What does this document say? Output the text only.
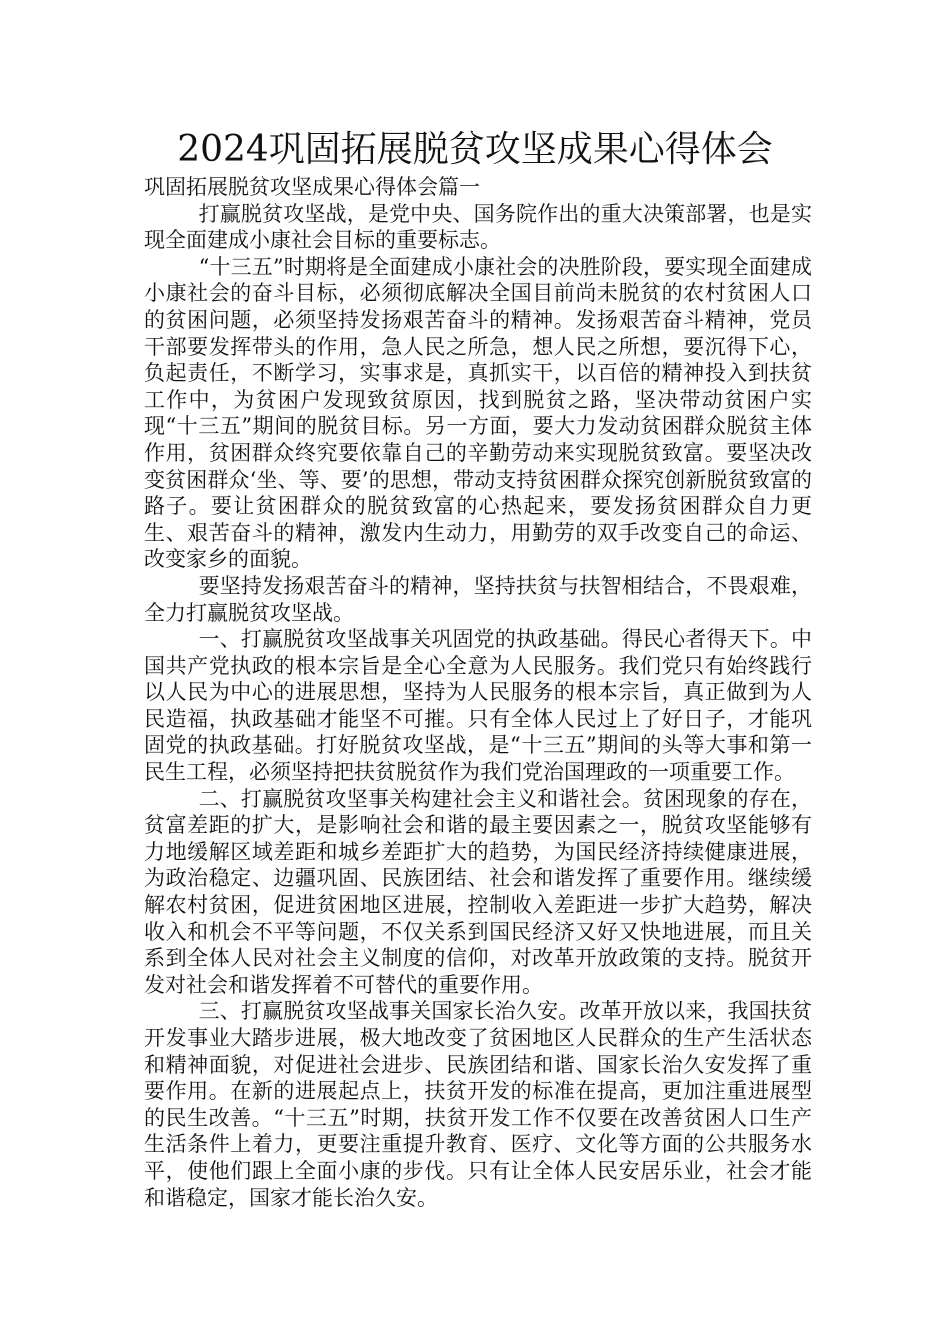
2024巩固拓展脱贫攻坚成果心得体会

巩固拓展脱贫攻坚成果心得体会篇一

打赢脱贫攻坚战，是党中央、国务院作出的重大决策部署，也是实现全面建成小康社会目标的重要标志。

“十三五”时期将是全面建成小康社会的决胜阶段，要实现全面建成小康社会的奋斗目标，必须彻底解决全国目前尚未脱贫的农村贫困人口的贫困问题，必须坚持发扬艰苦奋斗的精神。发扬艰苦奋斗精神，党员干部要发挥带头的作用，急人民之所急，想人民之所想，要沉得下心，负起责任，不断学习，实事求是，真抓实干，以百倍的精神投入到扶贫工作中，为贫困户发现致贫原因，找到脱贫之路，坚决带动贫困户实现“十三五”期间的脱贫目标。另一方面，要大力发动贫困群众脱贫主体作用，贫困群众终究要依靠自己的辛勤劳动来实现脱贫致富。要坚决改变贫困群众‘坐、等、要’的思想，带动支持贫困群众探究创新脱贫致富的路子。要让贫困群众的脱贫致富的心热起来，要发扬贫困群众自力更生、艰苦奋斗的精神，激发内生动力，用勤劳的双手改变自己的命运、改变家乡的面貌。

要坚持发扬艰苦奋斗的精神，坚持扶贫与扶智相结合，不畏艰难，全力打赢脱贫攻坚战。

一、打赢脱贫攻坚战事关巩固党的执政基础。得民心者得天下。中国共产党执政的根本宗旨是全心全意为人民服务。我们党只有始终践行以人民为中心的进展思想，坚持为人民服务的根本宗旨，真正做到为人民造福，执政基础才能坚不可摧。只有全体人民过上了好日子，才能巩固党的执政基础。打好脱贫攻坚战，是“十三五”期间的头等大事和第一民生工程，必须坚持把扶贫脱贫作为我们党治国理政的一项重要工作。

二、打赢脱贫攻坚事关构建社会主义和谐社会。贫困现象的存在，贫富差距的扩大，是影响社会和谐的最主要因素之一，脱贫攻坚能够有力地缓解区域差距和城乡差距扩大的趋势，为国民经济持续健康进展，为政治稳定、边疆巩固、民族团结、社会和谐发挥了重要作用。继续缓解农村贫困，促进贫困地区进展，控制收入差距进一步扩大趋势，解决收入和机会不平等问题，不仅关系到国民经济又好又快地进展，而且关系到全体人民对社会主义制度的信仰，对改革开放政策的支持。脱贫开发对社会和谐发挥着不可替代的重要作用。

三、打赢脱贫攻坚战事关国家长治久安。改革开放以来，我国扶贫开发事业大踏步进展，极大地改变了贫困地区人民群众的生产生活状态和精神面貌，对促进社会进步、民族团结和谐、国家长治久安发挥了重要作用。在新的进展起点上，扶贫开发的标准在提高，更加注重进展型的民生改善。“十三五”时期，扶贫开发工作不仅要在改善贫困人口生产生活条件上着力，更要注重提升教育、医疗、文化等方面的公共服务水平，使他们跟上全面小康的步伐。只有让全体人民安居乐业，社会才能和谐稳定，国家才能长治久安。
